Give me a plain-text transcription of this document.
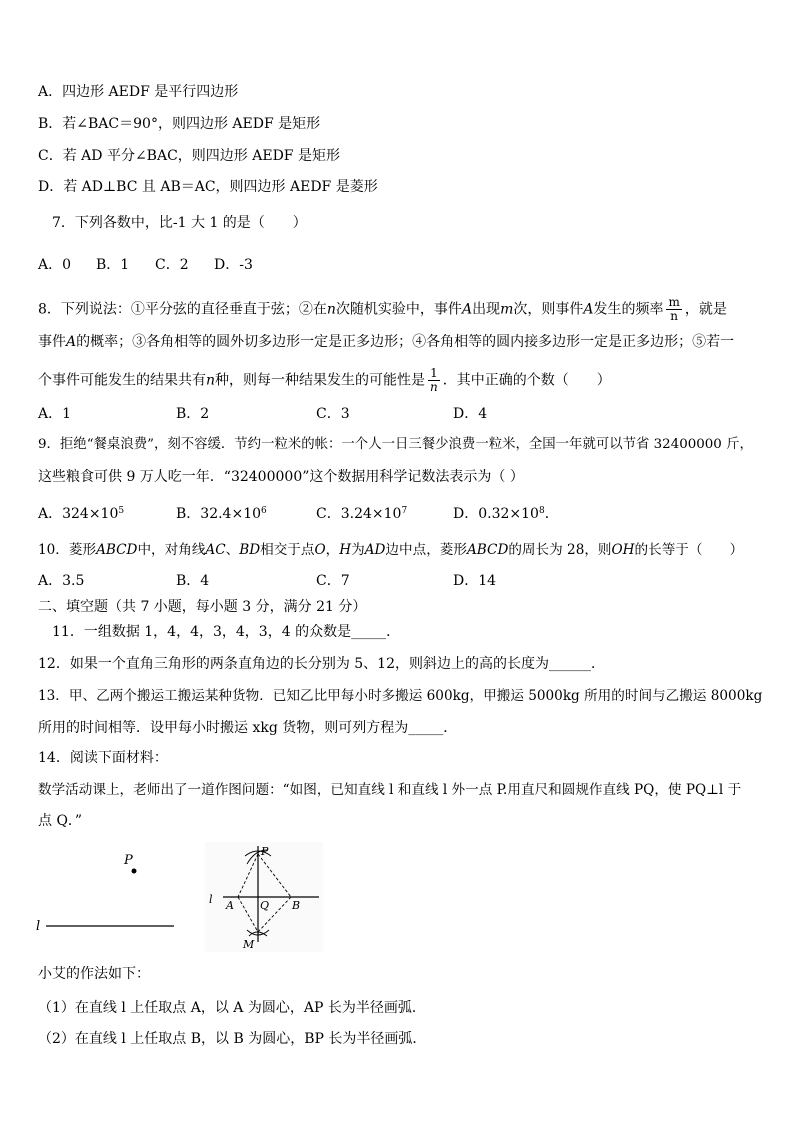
A．四边形 AEDF 是平行四边形
B．若∠BAC＝90°，则四边形 AEDF 是矩形
C．若 AD 平分∠BAC，则四边形 AEDF 是矩形
D．若 AD⊥BC 且 AB＝AC，则四边形 AEDF 是菱形
7．下列各数中，比-1 大 1 的是（　　）
A．0 B．1 C．2 D．-3
8．下列说法：①平分弦的直径垂直于弦；②在n次随机实验中，事件A出现m次，则事件A发生的频率 $\frac{m}{n}$ ，就是
事件A的概率；③各角相等的圆外切多边形一定是正多边形；④各角相等的圆内接多边形一定是正多边形；⑤若一
个事件可能发生的结果共有n种，则每一种结果发生的可能性是 $\frac{1}{n}$ ．其中正确的个数（　　）
A．1	B．2	C．3	D．4
9．拒绝“餐桌浪费”，刻不容缓．节约一粒米的帐：一个人一日三餐少浪费一粒米，全国一年就可以节省 32400000 斤，
这些粮食可供 9 万人吃一年．“32400000”这个数据用科学记数法表示为（ ）
A．$324\times 10^5$	B．$32.4\times 10^6$	C．$3.24\times 10^7$	D．$0.32\times 10^8$．
10．菱形ABCD中，对角线AC、BD相交于点O，H为AD边中点，菱形ABCD的周长为 28，则OH的长等于（　　）
A．3.5	B．4	C．7	D．14
二、填空题（共 7 小题，每小题 3 分，满分 21 分）
11．一组数据 1，4，4，3，4，3，4 的众数是_____．
12．如果一个直角三角形的两条直角边的长分别为 5、12，则斜边上的高的长度为______．
13．甲、乙两个搬运工搬运某种货物．已知乙比甲每小时多搬运 600kg，甲搬运 5000kg 所用的时间与乙搬运 8000kg
所用的时间相等．设甲每小时搬运 xkg 货物，则可列方程为_____．
14．阅读下面材料：
数学活动课上，老师出了一道作图问题：“如图，已知直线 l 和直线 l 外一点 P.用直尺和圆规作直线 PQ，使 PQ⊥l 于
点 Q．”
P
l
P
l A Q B
M
小艾的作法如下：
（1）在直线 l 上任取点 A，以 A 为圆心，AP 长为半径画弧．
（2）在直线 l 上任取点 B，以 B 为圆心，BP 长为半径画弧．
